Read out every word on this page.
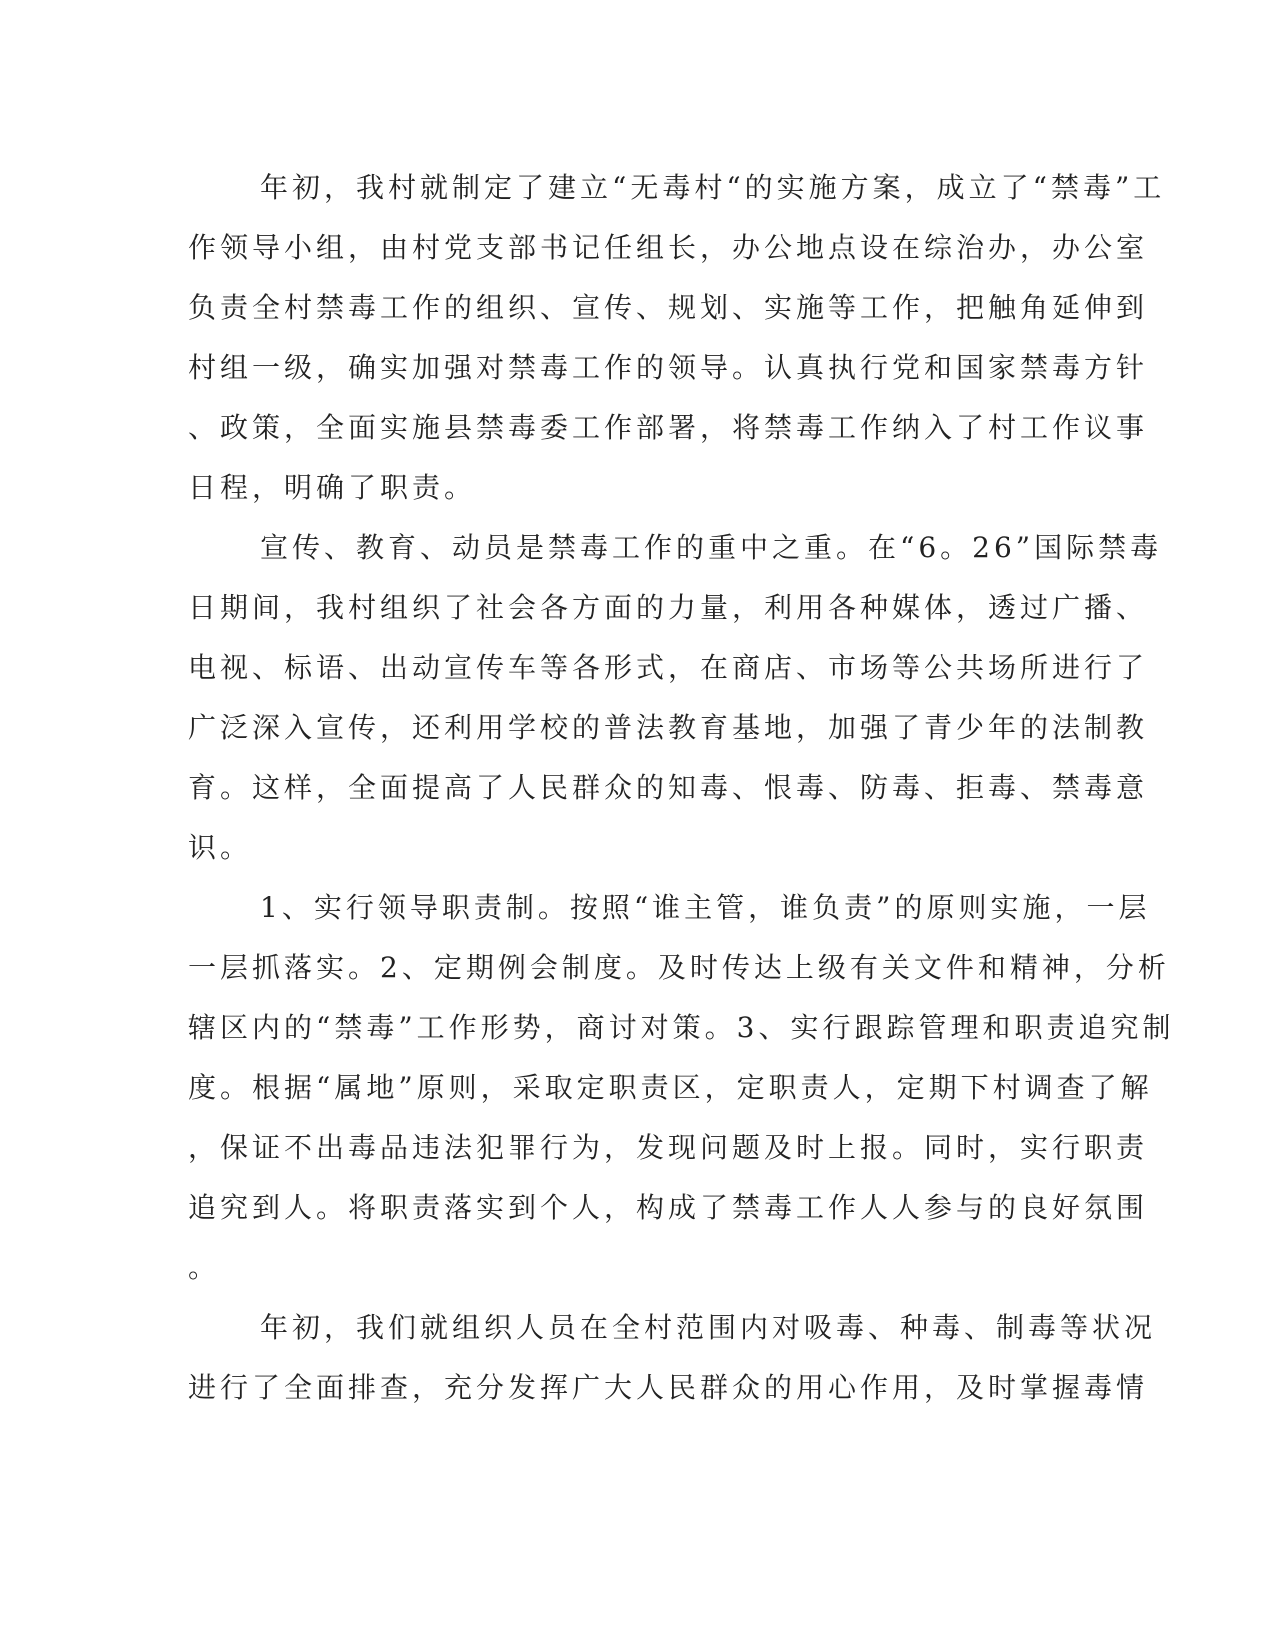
年初，我村就制定了建立“无毒村“的实施方案，成立了“禁毒”工
作领导小组，由村党支部书记任组长，办公地点设在综治办，办公室
负责全村禁毒工作的组织、宣传、规划、实施等工作，把触角延伸到
村组一级，确实加强对禁毒工作的领导。认真执行党和国家禁毒方针
、政策，全面实施县禁毒委工作部署，将禁毒工作纳入了村工作议事
日程，明确了职责。
宣传、教育、动员是禁毒工作的重中之重。在“6。26”国际禁毒
日期间，我村组织了社会各方面的力量，利用各种媒体，透过广播、
电视、标语、出动宣传车等各形式，在商店、市场等公共场所进行了
广泛深入宣传，还利用学校的普法教育基地，加强了青少年的法制教
育。这样，全面提高了人民群众的知毒、恨毒、防毒、拒毒、禁毒意
识。
1、实行领导职责制。按照“谁主管，谁负责”的原则实施，一层
一层抓落实。2、定期例会制度。及时传达上级有关文件和精神，分析
辖区内的“禁毒”工作形势，商讨对策。3、实行跟踪管理和职责追究制
度。根据“属地”原则，采取定职责区，定职责人，定期下村调查了解
，保证不出毒品违法犯罪行为，发现问题及时上报。同时，实行职责
追究到人。将职责落实到个人，构成了禁毒工作人人参与的良好氛围
。
年初，我们就组织人员在全村范围内对吸毒、种毒、制毒等状况
进行了全面排查，充分发挥广大人民群众的用心作用，及时掌握毒情
